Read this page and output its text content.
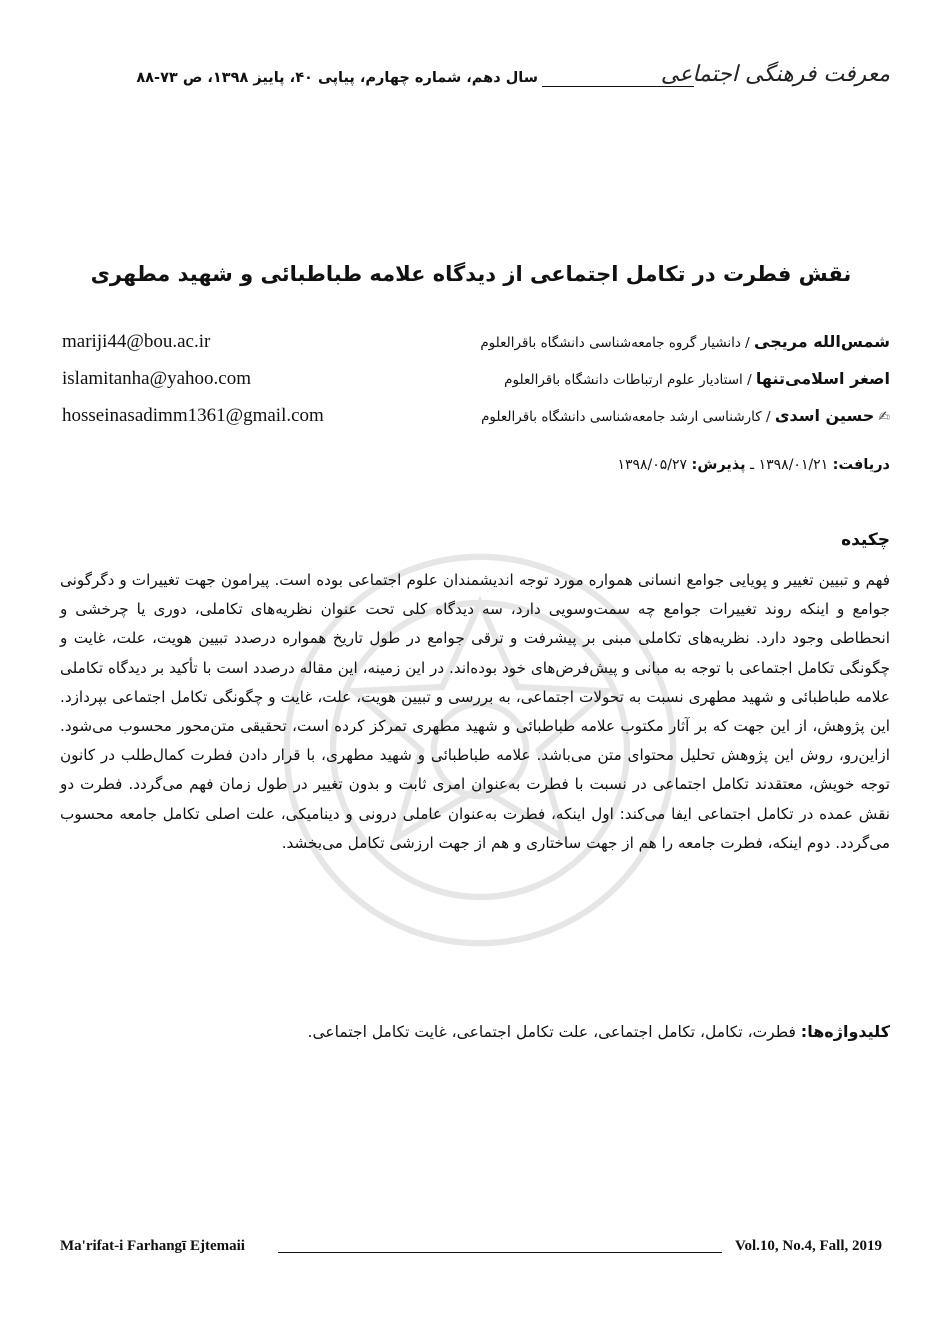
معرفت فرهنگی اجتماعی
سال دهم، شماره چهارم، پیاپی ۴۰، پاییز ۱۳۹۸، ص ۷۳-۸۸
نقش فطرت در تکامل اجتماعی از دیدگاه علامه طباطبائی و شهید مطهری
شمس‌الله مریجی / دانشیار گروه جامعه‌شناسی دانشگاه باقرالعلوم
اصغر اسلامی‌تنها / استادیار علوم ارتباطات دانشگاه باقرالعلوم
✍حسین اسدی / کارشناسی ارشد جامعه‌شناسی دانشگاه باقرالعلوم
mariji44@bou.ac.ir
islamitanha@yahoo.com
hosseinasadimm1361@gmail.com
دریافت: ۱۳۹۸/۰۱/۲۱ ـ پذیرش: ۱۳۹۸/۰۵/۲۷
چکیده
فهم و تبیین تغییر و پویایی جوامع انسانی همواره مورد توجه اندیشمندان علوم اجتماعی بوده است. پیرامون جهت تغییرات و دگرگونی جوامع و اینکه روند تغییرات جوامع چه سمت‌وسویی دارد، سه دیدگاه کلی تحت عنوان نظریه‌های تکاملی، دوری یا چرخشی و انحطاطی وجود دارد. نظریه‌های تکاملی مبنی بر پیشرفت و ترقی جوامع در طول تاریخ همواره درصدد تبیین هویت، علت، غایت و چگونگی تکامل اجتماعی با توجه به مبانی و پیش‌فرض‌های خود بوده‌اند. در این زمینه، این مقاله درصدد است با تأکید بر دیدگاه تکاملی علامه طباطبائی و شهید مطهری نسبت به تحولات اجتماعی، به بررسی و تبیین هویت، علت، غایت و چگونگی تکامل اجتماعی بپردازد. این پژوهش، از این جهت که بر آثار مکتوب علامه طباطبائی و شهید مطهری تمرکز کرده است، تحقیقی متن‌محور محسوب می‌شود. ازاین‌رو، روش این پژوهش تحلیل محتوای متن می‌باشد. علامه طباطبائی و شهید مطهری، با قرار دادن فطرت کمال‌طلب در کانون توجه خویش، معتقدند تکامل اجتماعی در نسبت با فطرت به‌عنوان امری ثابت و بدون تغییر در طول زمان فهم می‌گردد. فطرت دو نقش عمده در تکامل اجتماعی ایفا می‌کند: اول اینکه، فطرت به‌عنوان عاملی درونی و دینامیکی، علت اصلی تکامل جامعه محسوب می‌گردد. دوم اینکه، فطرت جامعه را هم از جهت ساختاری و هم از جهت ارزشی تکامل می‌بخشد.
کلیدواژه‌ها: فطرت، تکامل، تکامل اجتماعی، علت تکامل اجتماعی، غایت تکامل اجتماعی.
Ma'rifat-i Farhangī Ejtemaii	Vol.10, No.4, Fall, 2019
